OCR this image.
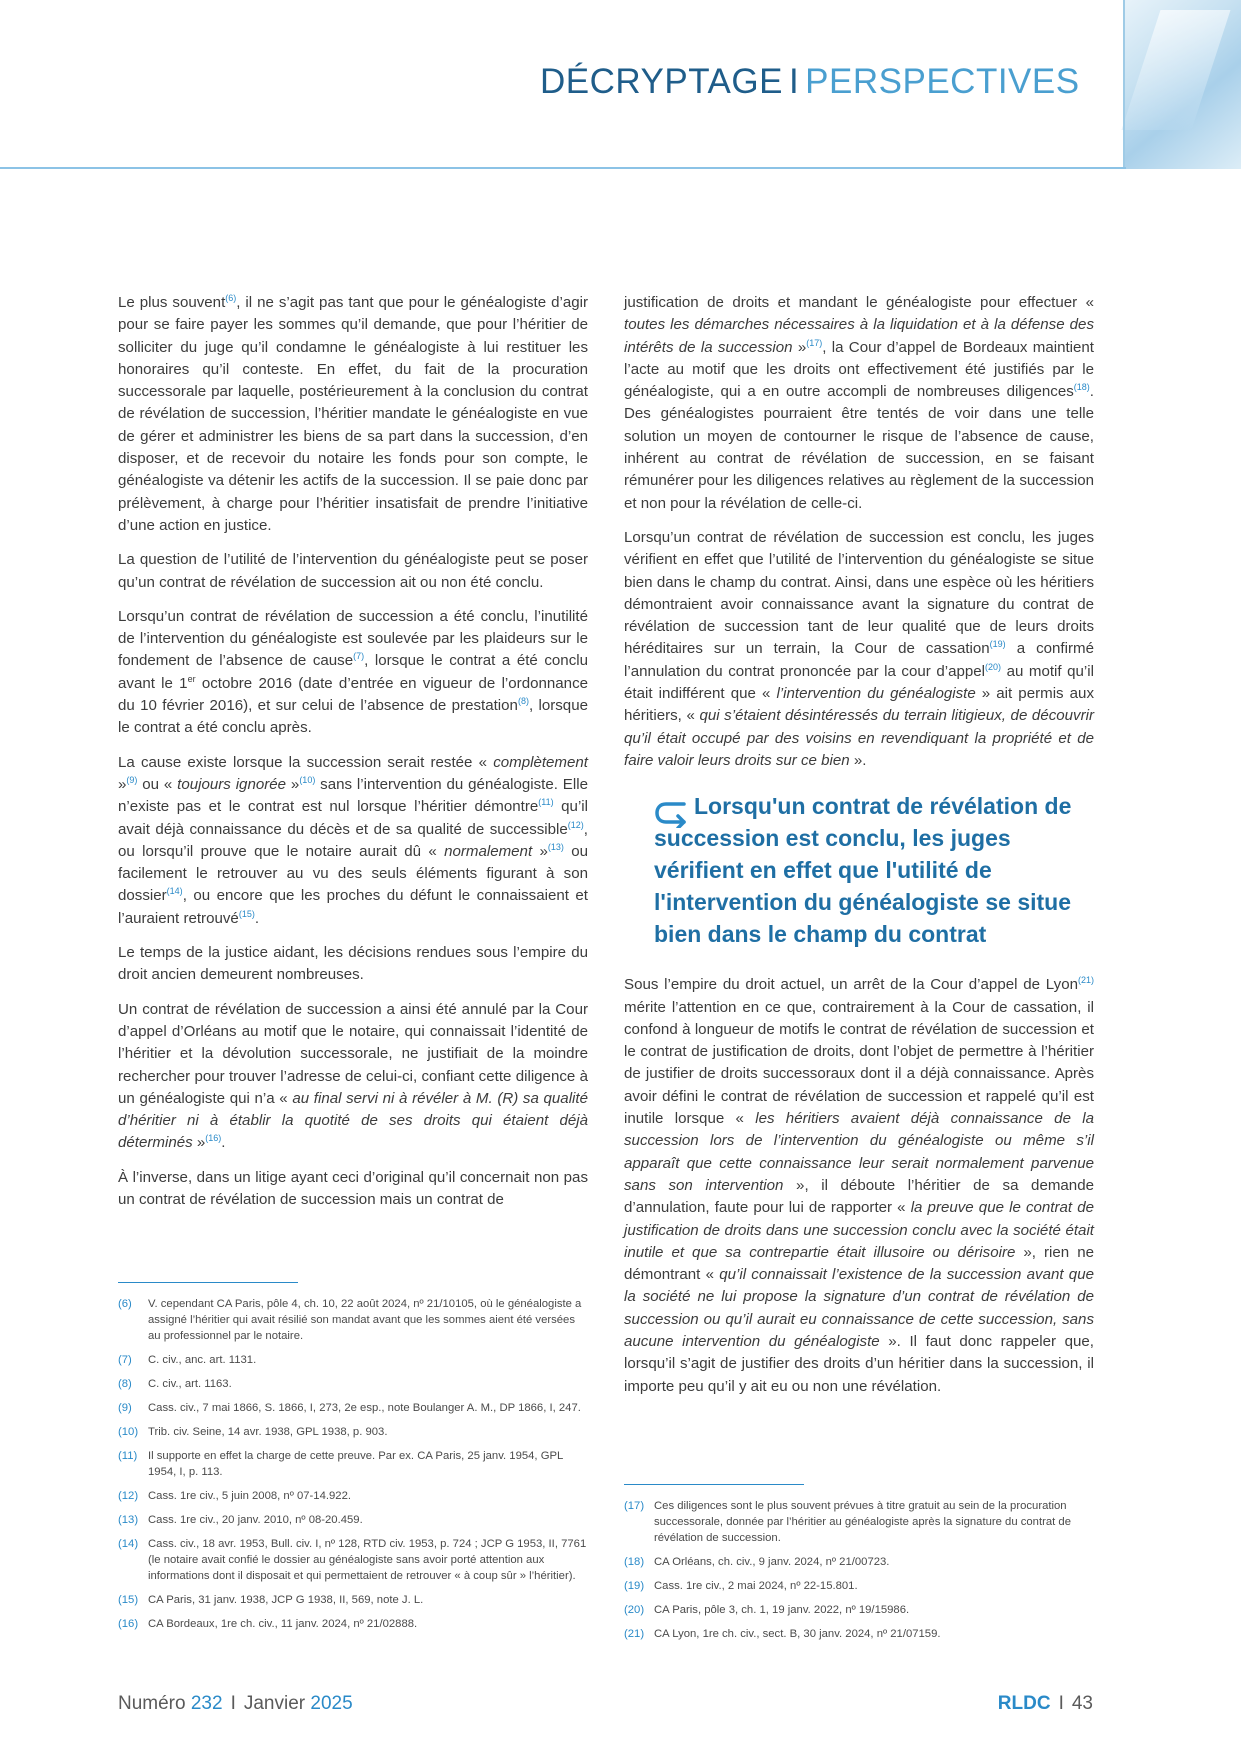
DÉCRYPTAGE I PERSPECTIVES

Le plus souvent$^{(6)}$, il ne s’agit pas tant que pour le généalogiste d’agir pour se faire payer les sommes qu’il demande, que pour l’héritier de solliciter du juge qu’il condamne le généalogiste à lui restituer les honoraires qu’il conteste. En effet, du fait de la procuration successorale par laquelle, postérieurement à la conclusion du contrat de révélation de succession, l’héritier mandate le généalogiste en vue de gérer et administrer les biens de sa part dans la succession, d’en disposer, et de recevoir du notaire les fonds pour son compte, le généalogiste va détenir les actifs de la succession. Il se paie donc par prélèvement, à charge pour l’héritier insatisfait de prendre l’initiative d’une action en justice.

La question de l’utilité de l’intervention du généalogiste peut se poser qu’un contrat de révélation de succession ait ou non été conclu.

Lorsqu’un contrat de révélation de succession a été conclu, l’inutilité de l’intervention du généalogiste est soulevée par les plaideurs sur le fondement de l’absence de cause$^{(7)}$, lorsque le contrat a été conclu avant le 1er octobre 2016 (date d’entrée en vigueur de l’ordonnance du 10 février 2016), et sur celui de l’absence de prestation$^{(8)}$, lorsque le contrat a été conclu après.

La cause existe lorsque la succession serait restée « complètement »$^{(9)}$ ou « toujours ignorée »$^{(10)}$ sans l’intervention du généalogiste. Elle n’existe pas et le contrat est nul lorsque l’héritier démontre$^{(11)}$ qu’il avait déjà connaissance du décès et de sa qualité de successible$^{(12)}$, ou lorsqu’il prouve que le notaire aurait dû « normalement »$^{(13)}$ ou facilement le retrouver au vu des seuls éléments figurant à son dossier$^{(14)}$, ou encore que les proches du défunt le connaissaient et l’auraient retrouvé$^{(15)}$.

Le temps de la justice aidant, les décisions rendues sous l’empire du droit ancien demeurent nombreuses.

Un contrat de révélation de succession a ainsi été annulé par la Cour d’appel d’Orléans au motif que le notaire, qui connaissait l’identité de l’héritier et la dévolution successorale, ne justifiait de la moindre rechercher pour trouver l’adresse de celui-ci, confiant cette diligence à un généalogiste qui n’a « au final servi ni à révéler à M. (R) sa qualité d’héritier ni à établir la quotité de ses droits qui étaient déjà déterminés »$^{(16)}$.

À l’inverse, dans un litige ayant ceci d’original qu’il concernait non pas un contrat de révélation de succession mais un contrat de

justification de droits et mandant le généalogiste pour effectuer « toutes les démarches nécessaires à la liquidation et à la défense des intérêts de la succession »$^{(17)}$, la Cour d’appel de Bordeaux maintient l’acte au motif que les droits ont effectivement été justifiés par le généalogiste, qui a en outre accompli de nombreuses diligences$^{(18)}$. Des généalogistes pourraient être tentés de voir dans une telle solution un moyen de contourner le risque de l’absence de cause, inhérent au contrat de révélation de succession, en se faisant rémunérer pour les diligences relatives au règlement de la succession et non pour la révélation de celle-ci.

Lorsqu’un contrat de révélation de succession est conclu, les juges vérifient en effet que l’utilité de l’intervention du généalogiste se situe bien dans le champ du contrat. Ainsi, dans une espèce où les héritiers démontraient avoir connaissance avant la signature du contrat de révélation de succession tant de leur qualité que de leurs droits héréditaires sur un terrain, la Cour de cassation$^{(19)}$ a confirmé l’annulation du contrat prononcée par la cour d’appel$^{(20)}$ au motif qu’il était indifférent que « l’intervention du généalogiste » ait permis aux héritiers, « qui s’étaient désintéressés du terrain litigieux, de découvrir qu’il était occupé par des voisins en revendiquant la propriété et de faire valoir leurs droits sur ce bien ».

Lorsqu'un contrat de révélation de succession est conclu, les juges vérifient en effet que l'utilité de l'intervention du généalogiste se situe bien dans le champ du contrat

Sous l’empire du droit actuel, un arrêt de la Cour d’appel de Lyon$^{(21)}$ mérite l’attention en ce que, contrairement à la Cour de cassation, il confond à longueur de motifs le contrat de révélation de succession et le contrat de justification de droits, dont l’objet de permettre à l’héritier de justifier de droits successoraux dont il a déjà connaissance. Après avoir défini le contrat de révélation de succession et rappelé qu’il est inutile lorsque « les héritiers avaient déjà connaissance de la succession lors de l’intervention du généalogiste ou même s’il apparaît que cette connaissance leur serait normalement parvenue sans son intervention », il déboute l’héritier de sa demande d’annulation, faute pour lui de rapporter « la preuve que le contrat de justification de droits dans une succession conclu avec la société était inutile et que sa contrepartie était illusoire ou dérisoire », rien ne démontrant « qu’il connaissait l’existence de la succession avant que la société ne lui propose la signature d’un contrat de révélation de succession ou qu’il aurait eu connaissance de cette succession, sans aucune intervention du généalogiste ». Il faut donc rappeler que, lorsqu’il s’agit de justifier des droits d’un héritier dans la succession, il importe peu qu’il y ait eu ou non une révélation.

(6)	V. cependant CA Paris, pôle 4, ch. 10, 22 août 2024, nº 21/10105, où le généalogiste a assigné l’héritier qui avait résilié son mandat avant que les sommes aient été versées au professionnel par le notaire.
(7)	C. civ., anc. art. 1131.
(8)	C. civ., art. 1163.
(9)	Cass. civ., 7 mai 1866, S. 1866, I, 273, 2e esp., note Boulanger A. M., DP 1866, I, 247.
(10) Trib. civ. Seine, 14 avr. 1938, GPL 1938, p. 903.
(11) Il supporte en effet la charge de cette preuve. Par ex. CA Paris, 25 janv. 1954, GPL 1954, I, p. 113.
(12) Cass. 1re civ., 5 juin 2008, nº 07-14.922.
(13) Cass. 1re civ., 20 janv. 2010, nº 08-20.459.
(14) Cass. civ., 18 avr. 1953, Bull. civ. I, nº 128, RTD civ. 1953, p. 724 ; JCP G 1953, II, 7761 (le notaire avait confié le dossier au généalogiste sans avoir porté attention aux informations dont il disposait et qui permettaient de retrouver « à coup sûr » l’héritier).
(15) CA Paris, 31 janv. 1938, JCP G 1938, II, 569, note J. L.
(16) CA Bordeaux, 1re ch. civ., 11 janv. 2024, nº 21/02888.
(17) Ces diligences sont le plus souvent prévues à titre gratuit au sein de la procuration successorale, donnée par l’héritier au généalogiste après la signature du contrat de révélation de succession.
(18) CA Orléans, ch. civ., 9 janv. 2024, nº 21/00723.
(19) Cass. 1re civ., 2 mai 2024, nº 22-15.801.
(20) CA Paris, pôle 3, ch. 1, 19 janv. 2022, nº 19/15986.
(21) CA Lyon, 1re ch. civ., sect. B, 30 janv. 2024, nº 21/07159.
Numéro 232 I Janvier 2025	RLDC I 43
